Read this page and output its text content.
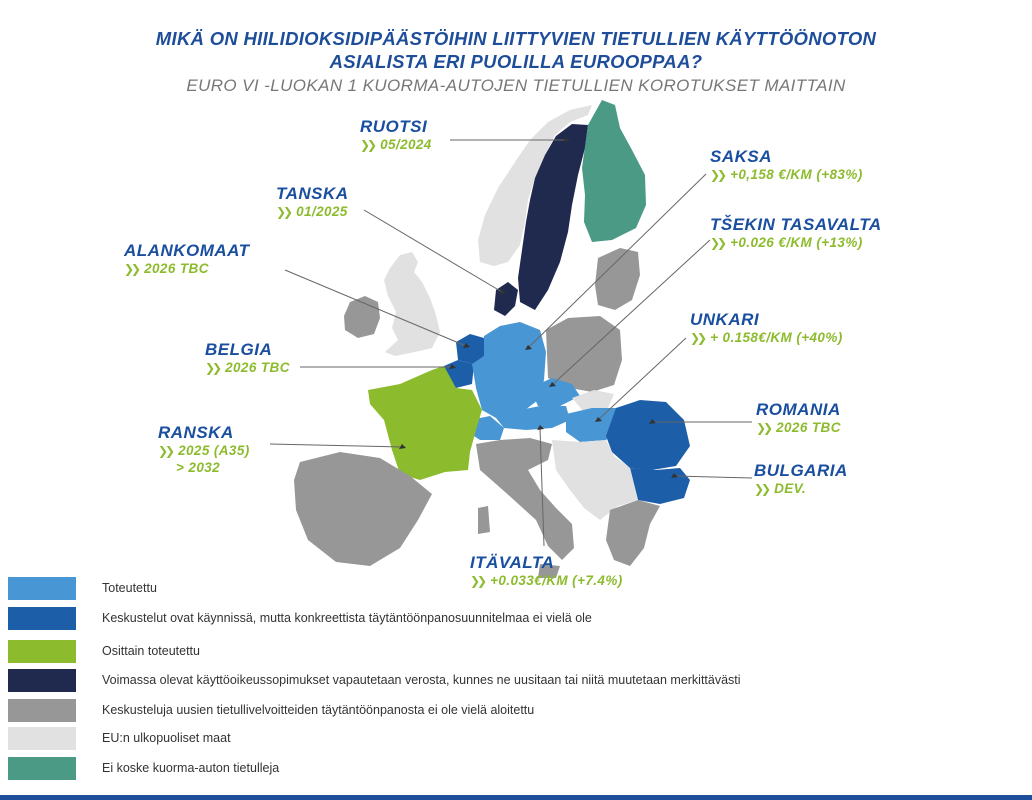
MIKÄ ON HIILIDIOKSIDIPÄÄSTÖIHIN LIITTYVIEN TIETULLIEN KÄYTTÖÖNOTON
ASIALISTA ERI PUOLILLA EUROOPPAA?
EURO VI -LUOKAN 1 KUORMA-AUTOJEN TIETULLIEN KOROTUKSET MAITTAIN
RUOTSI
❯❯ 05/2024
TANSKA
❯❯ 01/2025
ALANKOMAAT
❯❯ 2026 TBC
BELGIA
❯❯ 2026 TBC
RANSKA
❯❯ 2025 (A35)
> 2032
SAKSA
❯❯ +0,158 €/KM (+83%)
TŠEKIN TASAVALTA
❯❯ +0.026 €/KM (+13%)
UNKARI
❯❯ + 0.158€/KM (+40%)
ROMANIA
❯❯ 2026 TBC
BULGARIA
❯❯ DEV.
ITÄVALTA
❯❯ +0.033€/KM (+7.4%)
Toteutettu
Keskustelut ovat käynnissä, mutta konkreettista täytäntöönpanosuunnitelmaa ei vielä ole
Osittain toteutettu
Voimassa olevat käyttöoikeussopimukset vapautetaan verosta, kunnes ne uusitaan tai niitä muutetaan merkittävästi
Keskusteluja uusien tietullivelvoitteiden täytäntöönpanosta ei ole vielä aloitettu
EU:n ulkopuoliset maat
Ei koske kuorma-auton tietulleja
